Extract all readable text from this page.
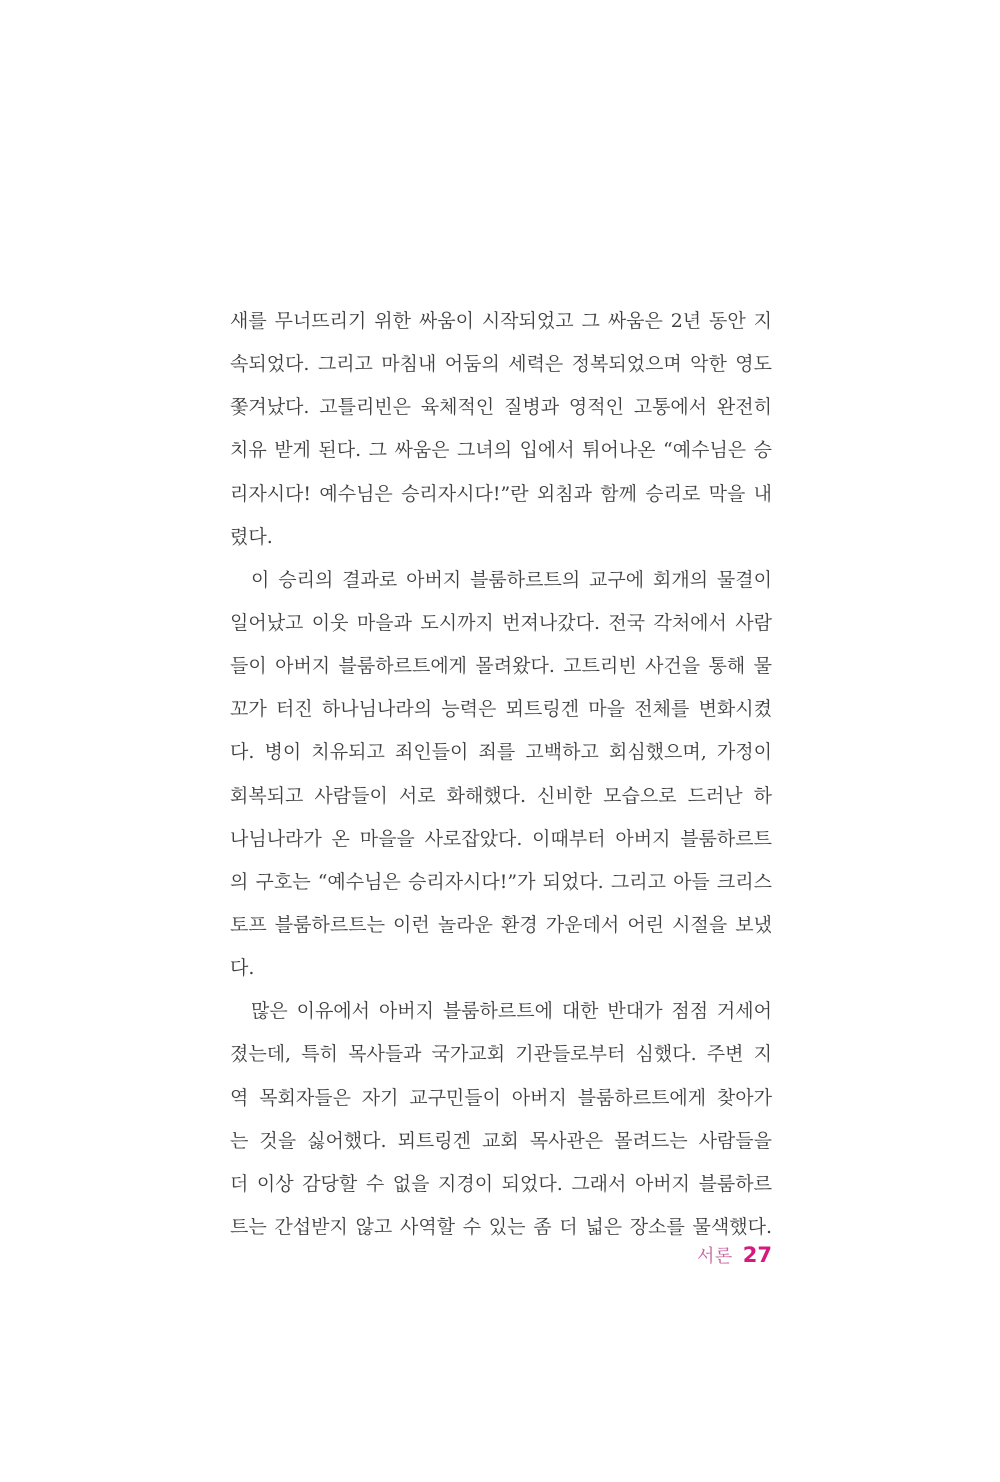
새를 무너뜨리기 위한 싸움이 시작되었고 그 싸움은 2년 동안 지
속되었다. 그리고 마침내 어둠의 세력은 정복되었으며 악한 영도
쫓겨났다. 고틀리빈은 육체적인 질병과 영적인 고통에서 완전히
치유 받게 된다. 그 싸움은 그녀의 입에서 튀어나온 “예수님은 승
리자시다! 예수님은 승리자시다!”란 외침과 함께 승리로 막을 내
렸다.
이 승리의 결과로 아버지 블룸하르트의 교구에 회개의 물결이
일어났고 이웃 마을과 도시까지 번져나갔다. 전국 각처에서 사람
들이 아버지 블룸하르트에게 몰려왔다. 고트리빈 사건을 통해 물
꼬가 터진 하나님나라의 능력은 뫼트링겐 마을 전체를 변화시켰
다. 병이 치유되고 죄인들이 죄를 고백하고 회심했으며, 가정이
회복되고 사람들이 서로 화해했다. 신비한 모습으로 드러난 하
나님나라가 온 마을을 사로잡았다. 이때부터 아버지 블룸하르트
의 구호는 “예수님은 승리자시다!”가 되었다. 그리고 아들 크리스
토프 블룸하르트는 이런 놀라운 환경 가운데서 어린 시절을 보냈
다.
많은 이유에서 아버지 블룸하르트에 대한 반대가 점점 거세어
졌는데, 특히 목사들과 국가교회 기관들로부터 심했다. 주변 지
역 목회자들은 자기 교구민들이 아버지 블룸하르트에게 찾아가
는 것을 싫어했다. 뫼트링겐 교회 목사관은 몰려드는 사람들을
더 이상 감당할 수 없을 지경이 되었다. 그래서 아버지 블룸하르
트는 간섭받지 않고 사역할 수 있는 좀 더 넓은 장소를 물색했다.
서론 27
